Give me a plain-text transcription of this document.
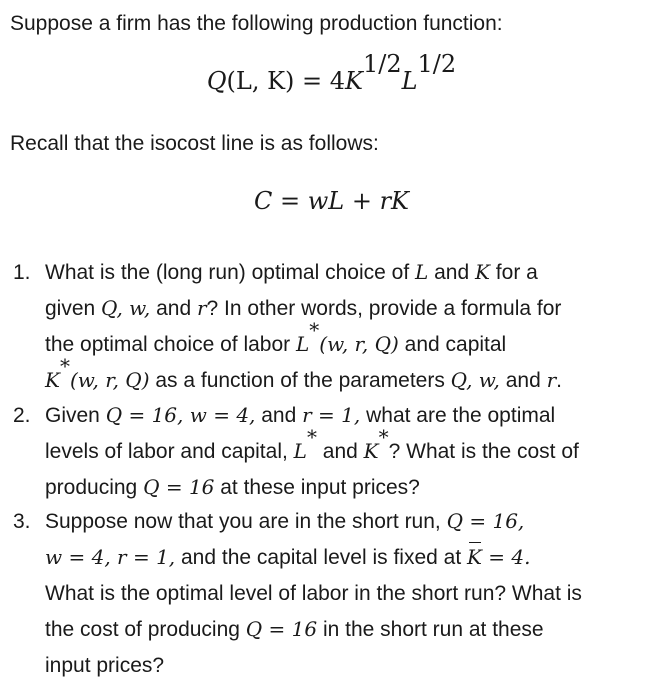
Suppose a firm has the following production function:

Q(L, $K) = 4K^{1/2}L^{1/2}$

Recall that the isocost line is as follows:

C = wL + rK

1. What is the (long run) optimal choice of L and K for a
given Q, w, and r? In other words, provide a formula for
the optimal choice of labor L*(w, r, Q) and capital
K*(w, r, Q) as a function of the parameters Q, w, and r.
2. Given Q = 16, w = 4, and r = 1, what are the optimal
levels of labor and capital, L* and K*? What is the cost of
producing Q = 16 at these input prices?
3. Suppose now that you are in the short run, Q = 16,
w = 4, r = 1, and the capital level is fixed at K = 4.
What is the optimal level of labor in the short run? What is
the cost of producing Q = 16 in the short run at these
input prices?
